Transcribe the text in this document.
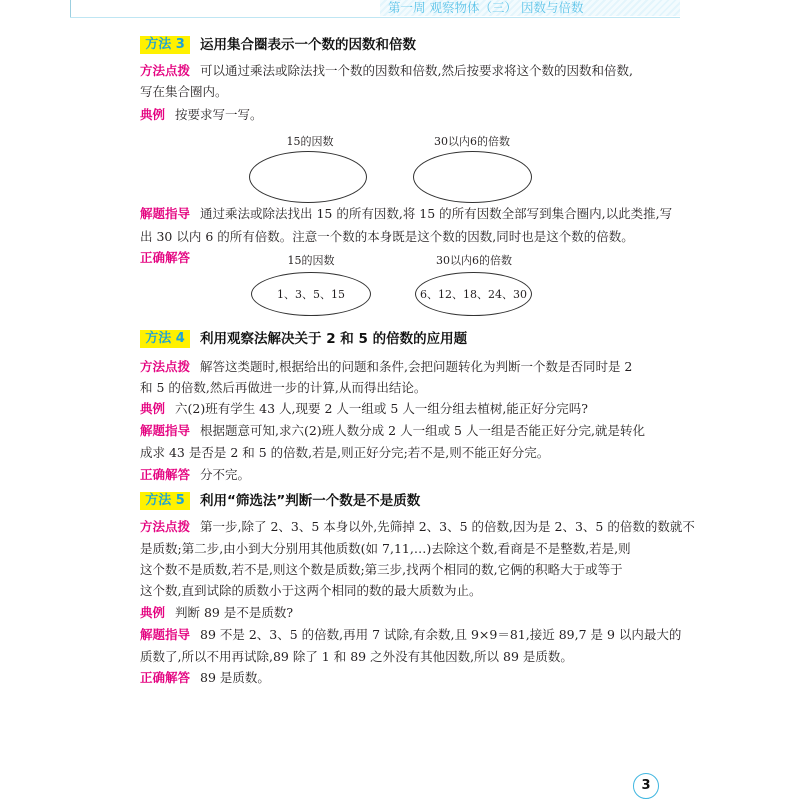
第一周 观察物体（三） 因数与倍数
方法 3	运用集合圈表示一个数的因数和倍数
方法点拨 可以通过乘法或除法找一个数的因数和倍数,然后按要求将这个数的因数和倍数,
写在集合圈内。
典例 按要求写一写。
15的因数	30以内6的倍数
解题指导 通过乘法或除法找出 15 的所有因数,将 15 的所有因数全部写到集合圈内,以此类推,写
出 30 以内 6 的所有倍数。注意一个数的本身既是这个数的因数,同时也是这个数的倍数。
正确解答	15的因数	30以内6的倍数
1、3、5、15	6、12、18、24、30
方法 4	利用观察法解决关于 2 和 5 的倍数的应用题
方法点拨 解答这类题时,根据给出的问题和条件,会把问题转化为判断一个数是否同时是 2
和 5 的倍数,然后再做进一步的计算,从而得出结论。
典例 六(2)班有学生 43 人,现要 2 人一组或 5 人一组分组去植树,能正好分完吗?
解题指导 根据题意可知,求六(2)班人数分成 2 人一组或 5 人一组是否能正好分完,就是转化
成求 43 是否是 2 和 5 的倍数,若是,则正好分完;若不是,则不能正好分完。
正确解答 分不完。
方法 5	利用“筛选法”判断一个数是不是质数
方法点拨 第一步,除了 2、3、5 本身以外,先筛掉 2、3、5 的倍数,因为是 2、3、5 的倍数的数就不
是质数;第二步,由小到大分别用其他质数(如 7,11,…)去除这个数,看商是不是整数,若是,则
这个数不是质数,若不是,则这个数是质数;第三步,找两个相同的数,它俩的积略大于或等于
这个数,直到试除的质数小于这两个相同的数的最大质数为止。
典例 判断 89 是不是质数?
解题指导 89 不是 2、3、5 的倍数,再用 7 试除,有余数,且 9×9＝81,接近 89,7 是 9 以内最大的
质数了,所以不用再试除,89 除了 1 和 89 之外没有其他因数,所以 89 是质数。
正确解答 89 是质数。
3
